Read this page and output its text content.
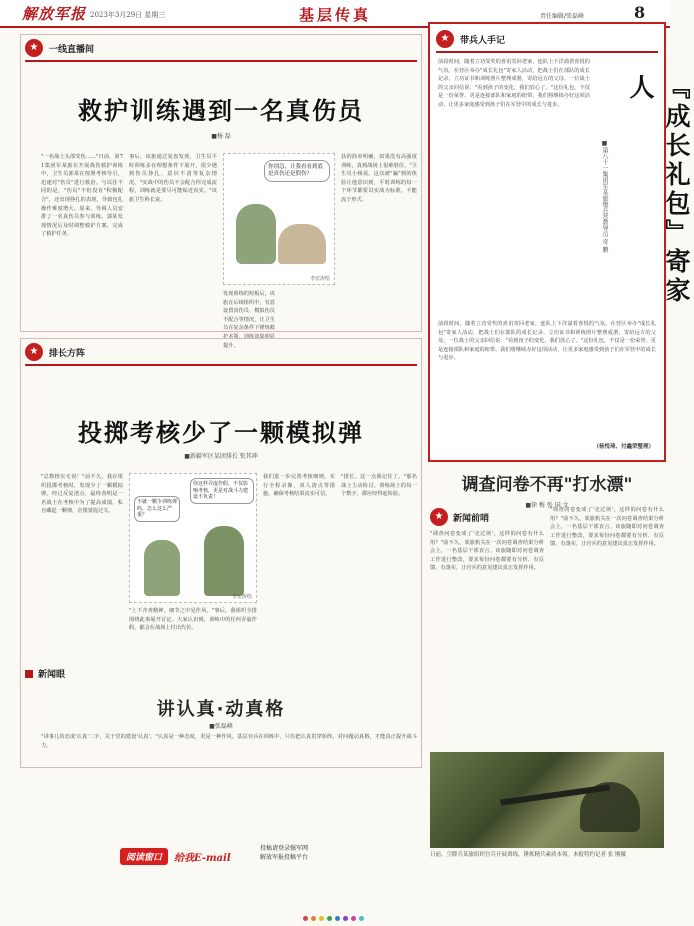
解放军报 2023年3月29日 星期三	基层传真	责任编辑/张磊峰	8
★	一线直播间
救护训练遇到一名真伤员
■杨 磊
"一名战士头部受伤……"日前，第71集团军某旅在开展战伤救护训练中，卫生员郭某在按照考核导引，迅速对"伤员"进行救治。与以往不同的是，"伤员"不但没有"积极配合"，还出现挣扎的表现，导致包扎操作难度增大。原来，导调人员安排了一名真伤员参与训练。郭某发现情况后及时调整救护方案，完成了救护任务。
事后，该旅通过复盘发现，卫生员平时训练多在理想条件下展开，很少遇到伤员挣扎、意识不清等复杂情况。"实战中的伤员不会配合你完成流程，训练就是要尽可能贴近真实。"该旅卫生科长说。
你别急，让我看看到底是真伤还是假伤？
李宏涛绘
发现训练的短板后，该旅在后续组织中，有意设置真伤员、模拟伤员不配合等情况，让卫生员在复杂条件下锤炼救护本领，训练效果明显提升。
扶的简单明确，如果没有高强度训练，真到战场上很难胜任。"卫生员小杨说。这次被"骗"到的体验让他意识到，平时训练的每一个环节都要以实战为标准，不能流于形式。
★	带兵人手记
前段时间，随着立功受奖的喜讯寄回老家，连队上下洋溢着喜悦的气氛。在营区举办"成长礼包"寄家人活动，把战士们在部队的成长记录、立功证书和训练照片整理成册，寄给远方的父母。一位战士的父亲回信说："看到孩子的变化，我们放心了。"这份礼包，不仅是一份荣誉，更是连接部队和家庭的纽带。我们将继续办好这项活动，让更多家庭感受到孩子们在军营中的成长与进步。	『成长礼包』寄家人
■第八十一集团军某旅炮兵营教导员 奇 鹏
前段时间，随着立功受奖的喜讯寄回老家，连队上下洋溢着喜悦的气氛。在营区举办"成长礼包"寄家人活动，把战士们在部队的成长记录、立功证书和训练照片整理成册，寄给远方的父母。一位战士的父亲回信说："看到孩子的变化，我们放心了。"这份礼包，不仅是一份荣誉，更是连接部队和家庭的纽带。我们将继续办好这项活动，让更多家庭感受到孩子们在军营中的成长与进步。
（杨悦琦、付鑫荣整理）
★	排长方阵
投掷考核少了一颗模拟弹
■新疆军区某团排长 张其坤
"总数核实无误！"前不久，我在组织投掷考核时，发现少了一颗模拟弹。经过反复清点，最终查明是一名战士在考核中为了提高成绩，私自藏起一颗弹，企图蒙混过关。
不就一颗少训练弹吗，怎么这么严重？
你这样弄虚作假，不仅影响考核，更是对战斗力建设不负责！
李宏涛绘
"上下齐查精神，细节之中见作风。"事后，我组织全排围绕此事展开讨论。大家认识到，训练中的任何弄虚作假，都会在战场上付出代价。
我们进一步完善考核细则，实行全程录像、双人清点等措施，确保考核结果真实可信。
"排长，这一点我记住了。"那名战士主动检讨。训练场上的每一个数字，都应经得起检验。
新闻眼
讲认真·动真格
■张磊峰
"讲事儿的态度'认真'二字，关于党的建设'认真'。"认真是一种态度，更是一种作风。基层官兵在训练中，只有把认真贯穿始终，对问题动真格，才能真正提升战斗力。
调查问卷不再"打水漂"
■徐 梅 张 国 文
★	新闻前哨
"调查问卷变成了'走过场'，这样的问卷有什么用？"前不久，某旅机关在一次问卷调查结果分析会上，一名基层干部直言。该旅随即对问卷调查工作进行整改，要求每份问卷都要有分析、有反馈、有落实，让官兵的意见建议真正发挥作用。
"调查问卷变成了'走过场'，这样的问卷有什么用？"前不久，某旅机关在一次问卷调查结果分析会上，一名基层干部直言。该旅随即对问卷调查工作进行整改，要求每份问卷都要有分析、有反馈、有落实，让官兵的意见建议真正发挥作用。
日前，空降兵某旅组织官兵开展训练，锤炼精兵素质本领。本报特约记者 张 刚摄
阅读窗口	给我E-mail
投稿请登录强军网
解放军报投稿平台
